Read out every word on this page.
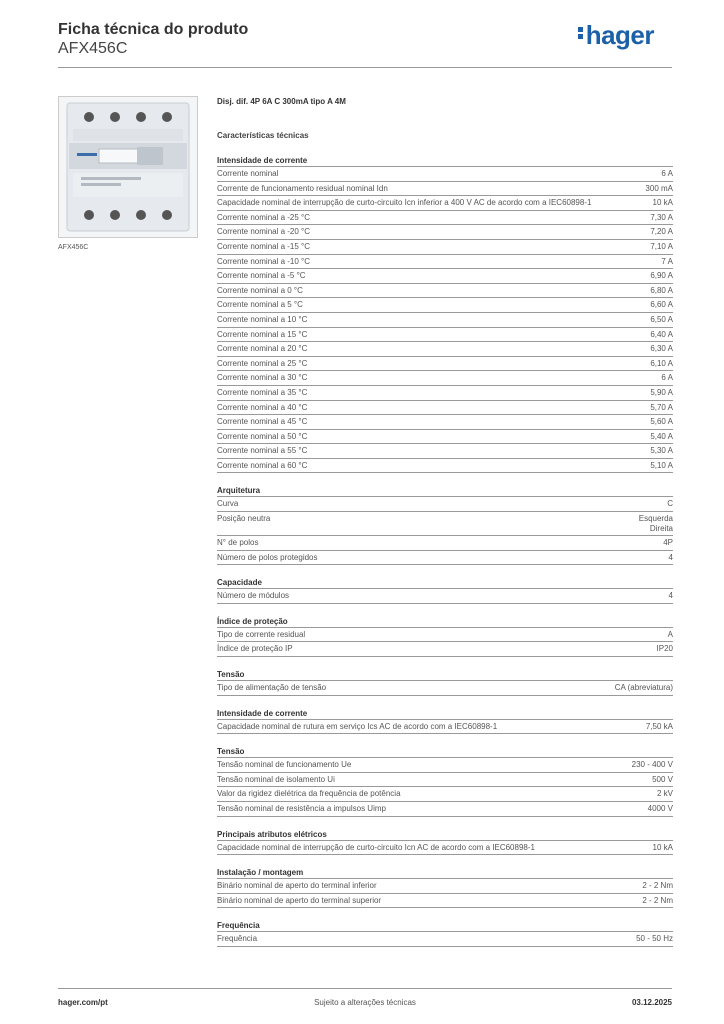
Ficha técnica do produto
AFX456C	hager
AFX456C
Disj. dif. 4P 6A C 300mA tipo A 4M
Características técnicas
Intensidade de corrente
Corrente nominal	6 A
Corrente de funcionamento residual nominal Idn	300 mA
Capacidade nominal de interrupção de curto-circuito Icn inferior a 400 V AC de acordo com a IEC60898-1	10 kA
Corrente nominal a -25 °C	7,30 A
Corrente nominal a -20 °C	7,20 A
Corrente nominal a -15 °C	7,10 A
Corrente nominal a -10 °C	7 A
Corrente nominal a -5 °C	6,90 A
Corrente nominal a 0 °C	6,80 A
Corrente nominal a 5 °C	6,60 A
Corrente nominal a 10 °C	6,50 A
Corrente nominal a 15 °C	6,40 A
Corrente nominal a 20 °C	6,30 A
Corrente nominal a 25 °C	6,10 A
Corrente nominal a 30 °C	6 A
Corrente nominal a 35 °C	5,90 A
Corrente nominal a 40 °C	5,70 A
Corrente nominal a 45 °C	5,60 A
Corrente nominal a 50 °C	5,40 A
Corrente nominal a 55 °C	5,30 A
Corrente nominal a 60 °C	5,10 A
Arquitetura
Curva	C
Posição neutra	Esquerda
Direita
N° de polos	4P
Número de polos protegidos	4
Capacidade
Número de módulos	4
Índice de proteção
Tipo de corrente residual	A
Índice de proteção IP	IP20
Tensão
Tipo de alimentação de tensão	CA (abreviatura)
Intensidade de corrente
Capacidade nominal de rutura em serviço Ics AC de acordo com a IEC60898-1	7,50 kA
Tensão
Tensão nominal de funcionamento Ue	230 - 400 V
Tensão nominal de isolamento Ui	500 V
Valor da rigidez dielétrica da frequência de potência	2 kV
Tensão nominal de resistência a impulsos Uimp	4000 V
Principais atributos elétricos
Capacidade nominal de interrupção de curto-circuito Icn AC de acordo com a IEC60898-1	10 kA
Instalação / montagem
Binário nominal de aperto do terminal inferior	2 - 2 Nm
Binário nominal de aperto do terminal superior	2 - 2 Nm
Frequência
Frequência	50 - 50 Hz
Sujeito a alterações técnicas
hager.com/pt	03.12.2025
